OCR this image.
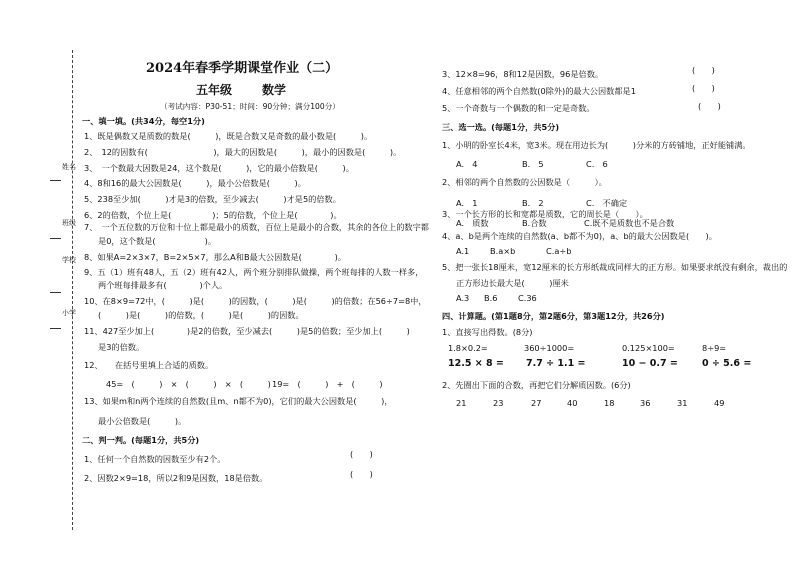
姓名
班级
学校
小学
2024年春季学期课堂作业（二）
五年级 数学
（考试内容：P30-51；时间：90分钟；满分100分）
一、填一填。(共34分，每空1分)
1、既是偶数又是质数的数是(　　　)，既是合数又是奇数的最小数是(　　　)。
2、　12的因数有(　　　　　　　　)，最大的因数是(　　　)，最小的因数是(　　　)。
3、　一个数最大因数是24，这个数是(　　　)，它的最小倍数是(　　　)。
4、8和16的最大公因数是(　　　)，最小公倍数是(　　　)。
5、238至少加(　　　)才是3的倍数，至少减去(　　　)才是5的倍数。
6、2的倍数，个位上是(　　　　　)；5的倍数，个位上是(　　　　)。
7、　一个五位数的万位和十位上都是最小的质数，百位上是最小的合数，其余的各位上的数字都
是0，这个数是(　　　　　　)。
8、如果A=2×3×7，B=2×5×7，那么A和B最大公因数是(　　　　)。
9、五（1）班有48人，五（2）班有42人，两个班分别排队做操，两个班每排的人数一样多，
两个班每排最多有(　　　　)个人。
10、在8×9=72中，(　　　)是(　　　)的因数，(　　　)是(　　　)的倍数；在56÷7=8中，
(　　　)是(　　　)的倍数，(　　　)是(　　　)的因数。
11、427至少加上(　　　　)是2的倍数，至少减去(　　　)是5的倍数；至少加上(　　　)
是3的倍数。
12、　　在括号里填上合适的质数。
45=　(　　　)　×　(　　　)　×　(　　　) 19=　(　　　)　+　(　　　)
13、如果m和n两个连续的自然数(且m、n都不为0)，它们的最大公因数是(　　　)，
最小公倍数是(　　　)。
二、判一判。(每题1分，共5分)
1、任何一个自然数的因数至少有2个。	(　　)
2、因数2×9=18，所以2和9是因数，18是倍数。	(　　)
3、12×8=96，8和12是因数，96是倍数。	(　　)
4、任意相邻的两个自然数(0除外)的最大公因数都是1	(　　)
5、一个奇数与一个偶数的和一定是奇数。	(　　)
三、选一选。(每题1分，共5分)
1、小明的卧室长4米，宽3米。现在用边长为(　　　)分米的方砖铺地，正好能铺满。
A.　4	B.　5	C.　6
2、相邻的两个自然数的公因数是（　　　）。
A.　1	B.　2	C.　不确定
3、一个长方形的长和宽都是质数，它的周长是（　　）。
A.　质数	B.合数	C.既不是质数也不是合数
4、a、b是两个连续的自然数(a、b都不为0)，a、b的最大公因数是(　　)。
A.1	B.a×b	C.a÷b
5、把一张长18厘米，宽12厘米的长方形纸裁成同样大的正方形。如果要求纸没有剩余，裁出的
正方形边长最大是(　　　)厘米
A.3 B.6	C.36
四、计算题。(第1题8分，第2题6分，第3题12分，共26分)
1、直接写出得数。(8分)
1.8×0.2=	360÷1000=	0.125×100=	8÷9=
12.5 × 8 = 7.7 ÷ 1.1 =	10 − 0.7 =	0 ÷ 5.6 =
2、先圈出下面的合数，再把它们分解质因数。(6分)
21	23	27	40	18	36	31	49
